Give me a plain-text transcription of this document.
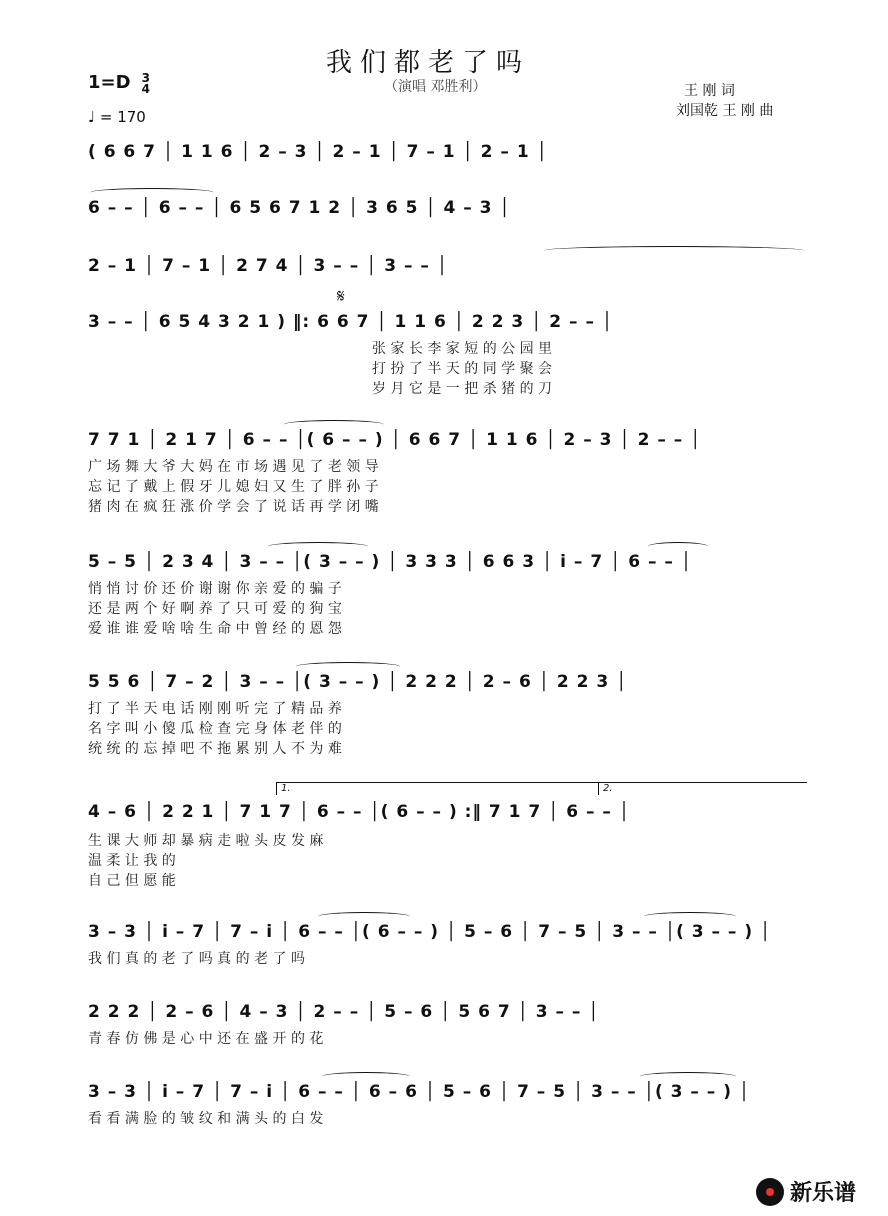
我们都老了吗
（演唱 邓胜利）
1=D 3
4
♩ = 170
王 刚 词
刘国乾 王 刚 曲
( 6 6 7 │ 1 1 6 │ 2 – 3 │ 2 – 1 │ 7 – 1 │ 2 – 1 │
6 – – │ 6 – – │ 6 5 6 7 1 2 │ 3 6 5 │ 4 – 3 │
2 – 1 │ 7 – 1 │ 2 7 4 │ 3 – – │ 3 – – │
𝄋
3 – – │ 6 5 4 3 2 1 ) ‖: 6 6 7 │ 1 1 6 │ 2 2 3 │ 2 – – │
张 家 长 李 家 短 的 公 园 里
打 扮 了 半 天 的 同 学 聚 会
岁 月 它 是 一 把 杀 猪 的 刀
7 7 1 │ 2 1 7 │ 6 – – │( 6 – – ) │ 6 6 7 │ 1 1 6 │ 2 – 3 │ 2 – – │
广 场 舞 大 爷 大 妈 在 市 场 遇 见 了 老 领 导
忘 记 了 戴 上 假 牙 儿 媳 妇 又 生 了 胖 孙 子
猪 肉 在 疯 狂 涨 价 学 会 了 说 话 再 学 闭 嘴
5 – 5 │ 2 3 4 │ 3 – – │( 3 – – ) │ 3 3 3 │ 6 6 3 │ i – 7 │ 6 – – │
悄 悄 讨 价 还 价 谢 谢 你 亲 爱 的 骗 子
还 是 两 个 好 啊 养 了 只 可 爱 的 狗 宝
爱 谁 谁 爱 啥 啥 生 命 中 曾 经 的 恩 怨
5 5 6 │ 7 – 2 │ 3 – – │( 3 – – ) │ 2 2 2 │ 2 – 6 │ 2 2 3 │
打 了 半 天 电 话 刚 刚 听 完 了 精 品 养
名 字 叫 小 傻 瓜 检 查 完 身 体 老 伴 的
统 统 的 忘 掉 吧 不 拖 累 别 人 不 为 难
1.	2.
4 – 6 │ 2 2 1 │ 7 1 7 │ 6 – – │( 6 – – ) :‖ 7 1 7 │ 6 – – │
生 课 大 师 却 暴 病 走 啦 头 皮 发 麻
温 柔 让 我 的
自 己 但 愿 能
3 – 3 │ i – 7 │ 7 – i │ 6 – – │( 6 – – ) │ 5 – 6 │ 7 – 5 │ 3 – – │( 3 – – ) │
我 们 真 的 老 了 吗 真 的 老 了 吗
2 2 2 │ 2 – 6 │ 4 – 3 │ 2 – – │ 5 – 6 │ 5 6 7 │ 3 – – │
青 春 仿 佛 是 心 中 还 在 盛 开 的 花
3 – 3 │ i – 7 │ 7 – i │ 6 – – │ 6 – 6 │ 5 – 6 │ 7 – 5 │ 3 – – │( 3 – – ) │
看 看 满 脸 的 皱 纹 和 满 头 的 白 发
新乐谱
